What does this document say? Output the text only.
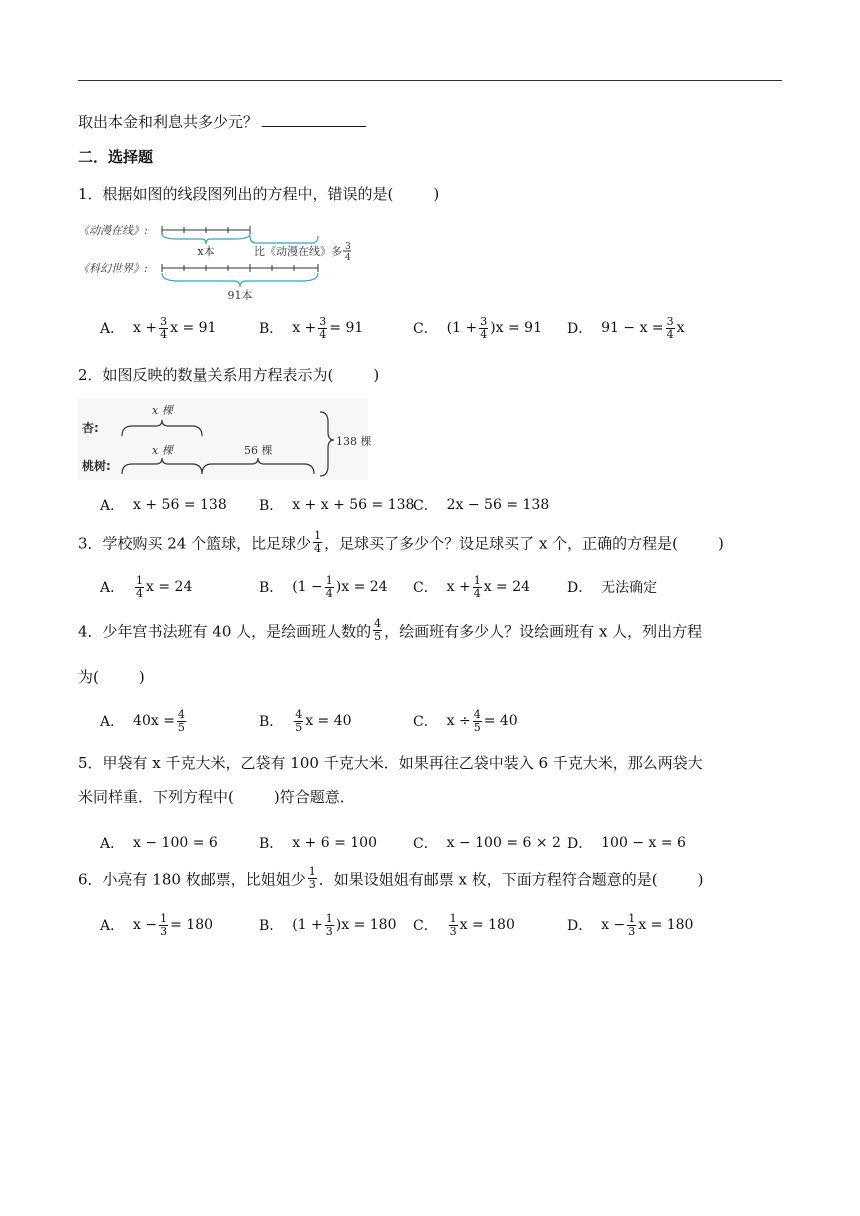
取出本金和利息共多少元？
二．选择题
1．根据如图的线段图列出的方程中，错误的是(	)
《动漫在线》:
x本	比《动漫在线》多 3
4
《科幻世界》:
91本
A．
$x + \frac{3}{4}$ x = 91	B．
$x + \frac{3}{4} = 91$	C．
$(1 + \frac{3}{4} )x = 91$ D．
$91 - x = \frac{3}{4}$ x
2．如图反映的数量关系用方程表示为(	)
杏:
x 棵
桃树:
x 棵	56 棵
138 棵
A．
x + 56 = 138 B．
x + x + 56 = 138
C．
2x − 56 = 138
3．学校购买 24 个篮球，比足球少 $\frac{1}{4}$ ，足球买了多少个？设足球买了 x 个，正确的方程是(	)
A．
$\frac{1}{4}$ x = 24	B．
$(1 - \frac{1}{4} )x = 24$ C．
$x + \frac{1}{4}$ x = 24	D．
无法确定
4．少年宫书法班有 40 人，是绘画班人数的 $\frac{4}{5}$ ，绘画班有多少人？设绘画班有 x 人，列出方程
为(	)
A．
$40x = \frac{4}{5}$	B．
$\frac{4}{5}$ x = 40	C．
$x \div \frac{4}{5} = 40$
5．甲袋有 x 千克大米，乙袋有 100 千克大米．如果再往乙袋中装入 6 千克大米，那么两袋大
米同样重．下列方程中(	)符合题意．
A．
x − 100 = 6	B．
x + 6 = 100	C．
x − 100 = 6 × 2 D．
100 − x = 6
6．小亮有 180 枚邮票，比姐姐少 $\frac{1}{3}$ ．如果设姐姐有邮票 x 枚，下面方程符合题意的是(	)
A．
$x - \frac{1}{3} = 180$	B．
$(1 + \frac{1}{3} )x = 180$ C．
$\frac{1}{3}$ x = 180	D．
$x - \frac{1}{3}$ x = 180
